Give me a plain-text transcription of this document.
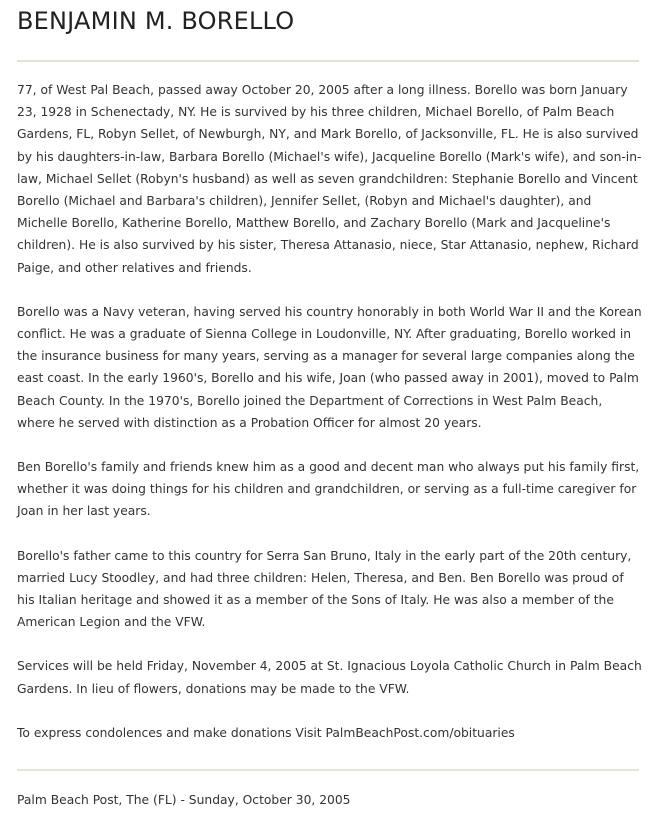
BENJAMIN M. BORELLO

77, of West Pal Beach, passed away October 20, 2005 after a long illness. Borello was born January 23, 1928 in Schenectady, NY. He is survived by his three children, Michael Borello, of Palm Beach Gardens, FL, Robyn Sellet, of Newburgh, NY, and Mark Borello, of Jacksonville, FL. He is also survived by his daughters-in-law, Barbara Borello (Michael's wife), Jacqueline Borello (Mark's wife), and son-in-law, Michael Sellet (Robyn's husband) as well as seven grandchildren: Stephanie Borello and Vincent Borello (Michael and Barbara's children), Jennifer Sellet, (Robyn and Michael's daughter), and Michelle Borello, Katherine Borello, Matthew Borello, and Zachary Borello (Mark and Jacqueline's children). He is also survived by his sister, Theresa Attanasio, niece, Star Attanasio, nephew, Richard Paige, and other relatives and friends.

Borello was a Navy veteran, having served his country honorably in both World War II and the Korean conflict. He was a graduate of Sienna College in Loudonville, NY. After graduating, Borello worked in the insurance business for many years, serving as a manager for several large companies along the east coast. In the early 1960's, Borello and his wife, Joan (who passed away in 2001), moved to Palm Beach County. In the 1970's, Borello joined the Department of Corrections in West Palm Beach, where he served with distinction as a Probation Officer for almost 20 years.

Ben Borello's family and friends knew him as a good and decent man who always put his family first, whether it was doing things for his children and grandchildren, or serving as a full-time caregiver for Joan in her last years.

Borello's father came to this country for Serra San Bruno, Italy in the early part of the 20th century, married Lucy Stoodley, and had three children: Helen, Theresa, and Ben. Ben Borello was proud of his Italian heritage and showed it as a member of the Sons of Italy. He was also a member of the American Legion and the VFW.

Services will be held Friday, November 4, 2005 at St. Ignacious Loyola Catholic Church in Palm Beach Gardens. In lieu of flowers, donations may be made to the VFW.

To express condolences and make donations Visit PalmBeachPost.com/obituaries

Palm Beach Post, The (FL) - Sunday, October 30, 2005
